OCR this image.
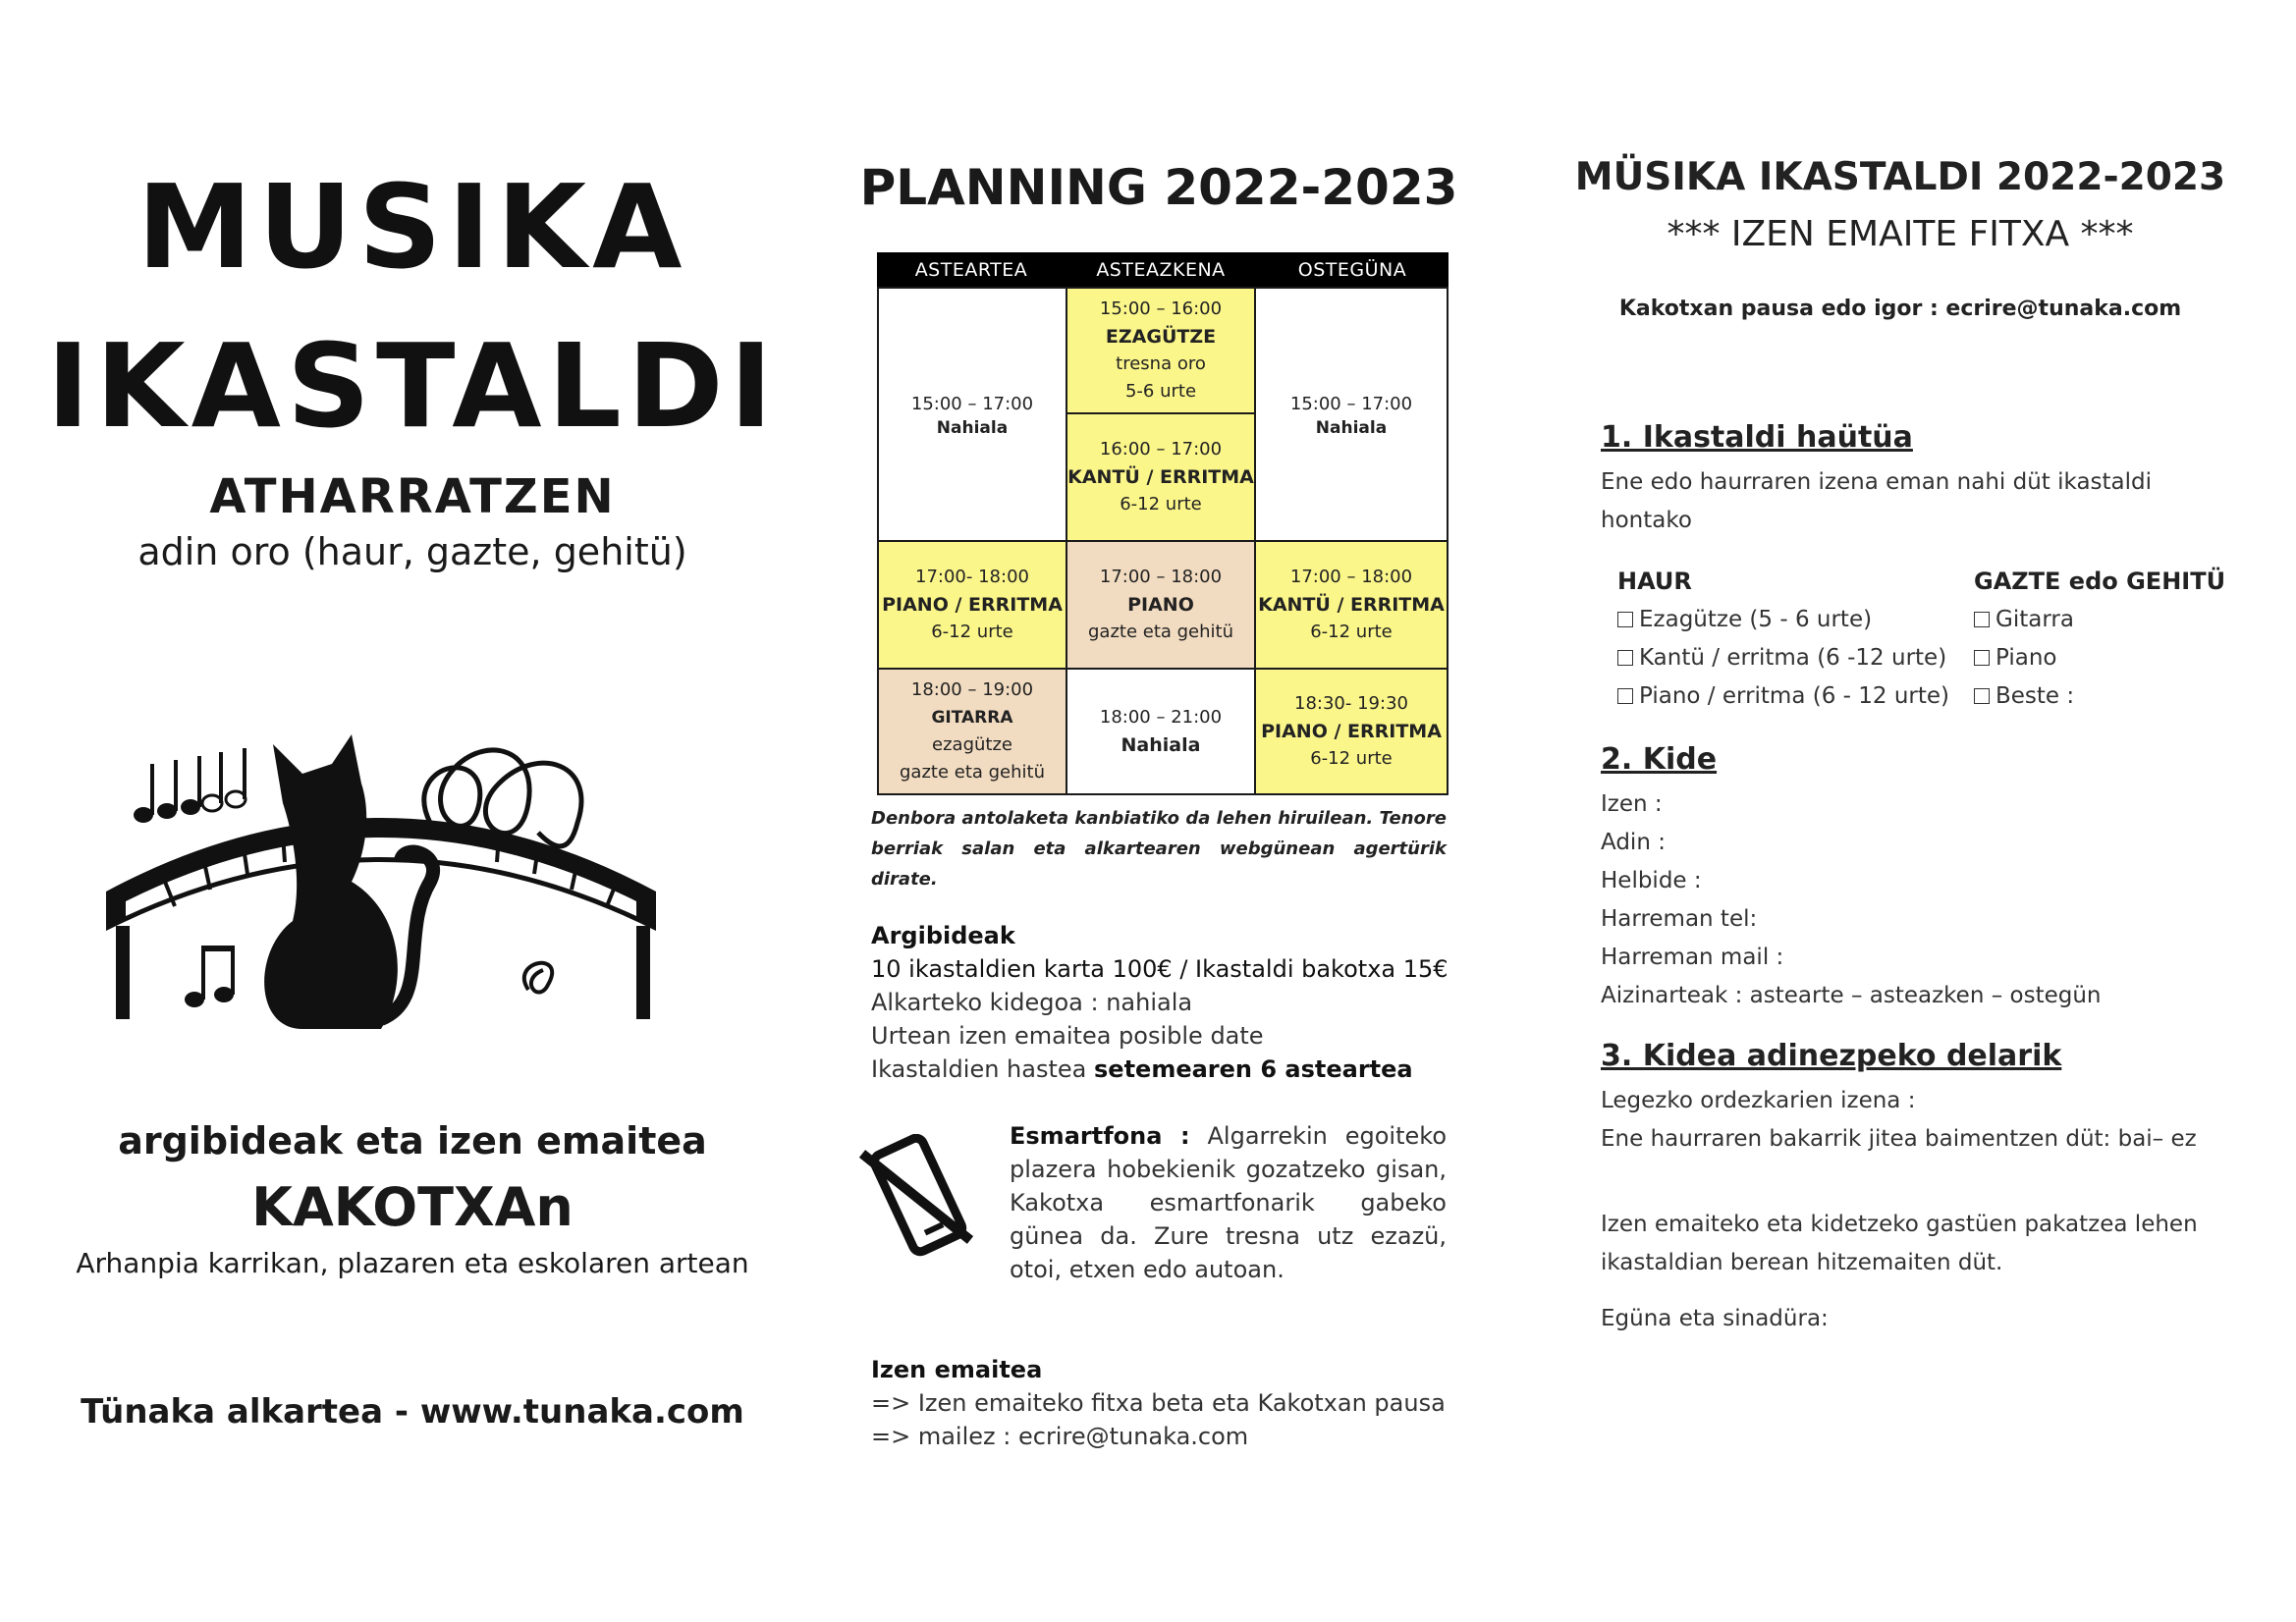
MUSIKA
IKASTALDI
ATHARRATZEN
adin oro (haur, gazte, gehitü)
argibideak eta izen emaitea
KAKOTXAn
Arhanpia karrikan, plazaren eta eskolaren artean
Tünaka alkartea - www.tunaka.com
PLANNING 2022-2023
ASTEARTEA	ASTEAZKENA	OSTEGÜNA
15:00 – 17:00
Nahiala
15:00 – 16:00
EZAGÜTZE
tresna oro
5-6 urte
16:00 – 17:00
KANTÜ / ERRITMA
6-12 urte
15:00 – 17:00
Nahiala
17:00- 18:00
PIANO / ERRITMA
6-12 urte
17:00 – 18:00
PIANO
gazte eta gehitü
17:00 – 18:00
KANTÜ / ERRITMA
6-12 urte
18:00 – 19:00
GITARRA
ezagütze
gazte eta gehitü
18:00 – 21:00
Nahiala
18:30- 19:30
PIANO / ERRITMA
6-12 urte
Denbora antolaketa kanbiatiko da lehen hiruilean. Tenore berriak salan eta alkartearen webgünean agertürik dirate.
Argibideak
10 ikastaldien karta 100€ / Ikastaldi bakotxa 15€
Alkarteko kidegoa : nahiala
Urtean izen emaitea posible date
Ikastaldien hastea setemearen 6 asteartea
Esmartfona : Algarrekin egoiteko plazera hobekienik gozatzeko gisan, Kakotxa esmartfonarik gabeko günea da. Zure tresna utz ezazü, otoi, etxen edo autoan.
Izen emaitea
=> Izen emaiteko fitxa beta eta Kakotxan pausa
=> mailez : ecrire@tunaka.com
MÜSIKA IKASTALDI 2022-2023
*** IZEN EMAITE FITXA ***
Kakotxan pausa edo igor : ecrire@tunaka.com
1. Ikastaldi haütüa
Ene edo haurraren izena eman nahi düt ikastaldi
hontako
HAUR
Ezagütze (5 - 6 urte)
Kantü / erritma (6 -12 urte)
Piano / erritma (6 - 12 urte)
GAZTE edo GEHITÜ
Gitarra
Piano
Beste :
2. Kide
Izen :
Adin :
Helbide :
Harreman tel:
Harreman mail :
Aizinarteak : astearte – asteazken – ostegün
3. Kidea adinezpeko delarik
Legezko ordezkarien izena :
Ene haurraren bakarrik jitea baimentzen düt: bai– ez
Izen emaiteko eta kidetzeko gastüen pakatzea lehen
ikastaldian berean hitzemaiten düt.
Egüna eta sinadüra:
